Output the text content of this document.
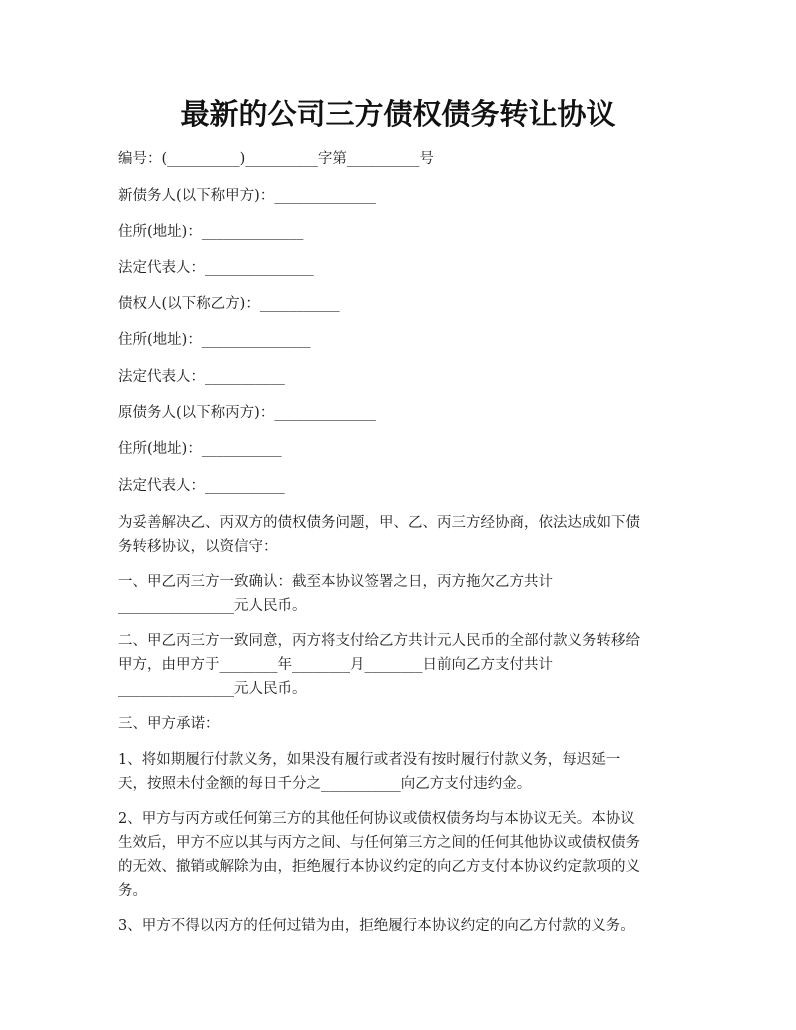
最新的公司三方债权债务转让协议
编号：(__________)__________字第__________号
新债务人(以下称甲方)：______________
住所(地址)：______________
法定代表人：_______________
债权人(以下称乙方)：___________
住所(地址)：_______________
法定代表人：___________
原债务人(以下称丙方)：______________
住所(地址)：___________
法定代表人：___________
为妥善解决乙、丙双方的债权债务问题，甲、乙、丙三方经协商，依法达成如下债
务转移协议，以资信守：
一、甲乙丙三方一致确认：截至本协议签署之日，丙方拖欠乙方共计
________________元人民币。
二、甲乙丙三方一致同意，丙方将支付给乙方共计元人民币的全部付款义务转移给
甲方，由甲方于________年________月________日前向乙方支付共计
________________元人民币。
三、甲方承诺：
1、将如期履行付款义务，如果没有履行或者没有按时履行付款义务，每迟延一
天，按照未付金额的每日千分之___________向乙方支付违约金。
2、甲方与丙方或任何第三方的其他任何协议或债权债务均与本协议无关。本协议
生效后，甲方不应以其与丙方之间、与任何第三方之间的任何其他协议或债权债务
的无效、撤销或解除为由，拒绝履行本协议约定的向乙方支付本协议约定款项的义
务。
3、甲方不得以丙方的任何过错为由，拒绝履行本协议约定的向乙方付款的义务。
